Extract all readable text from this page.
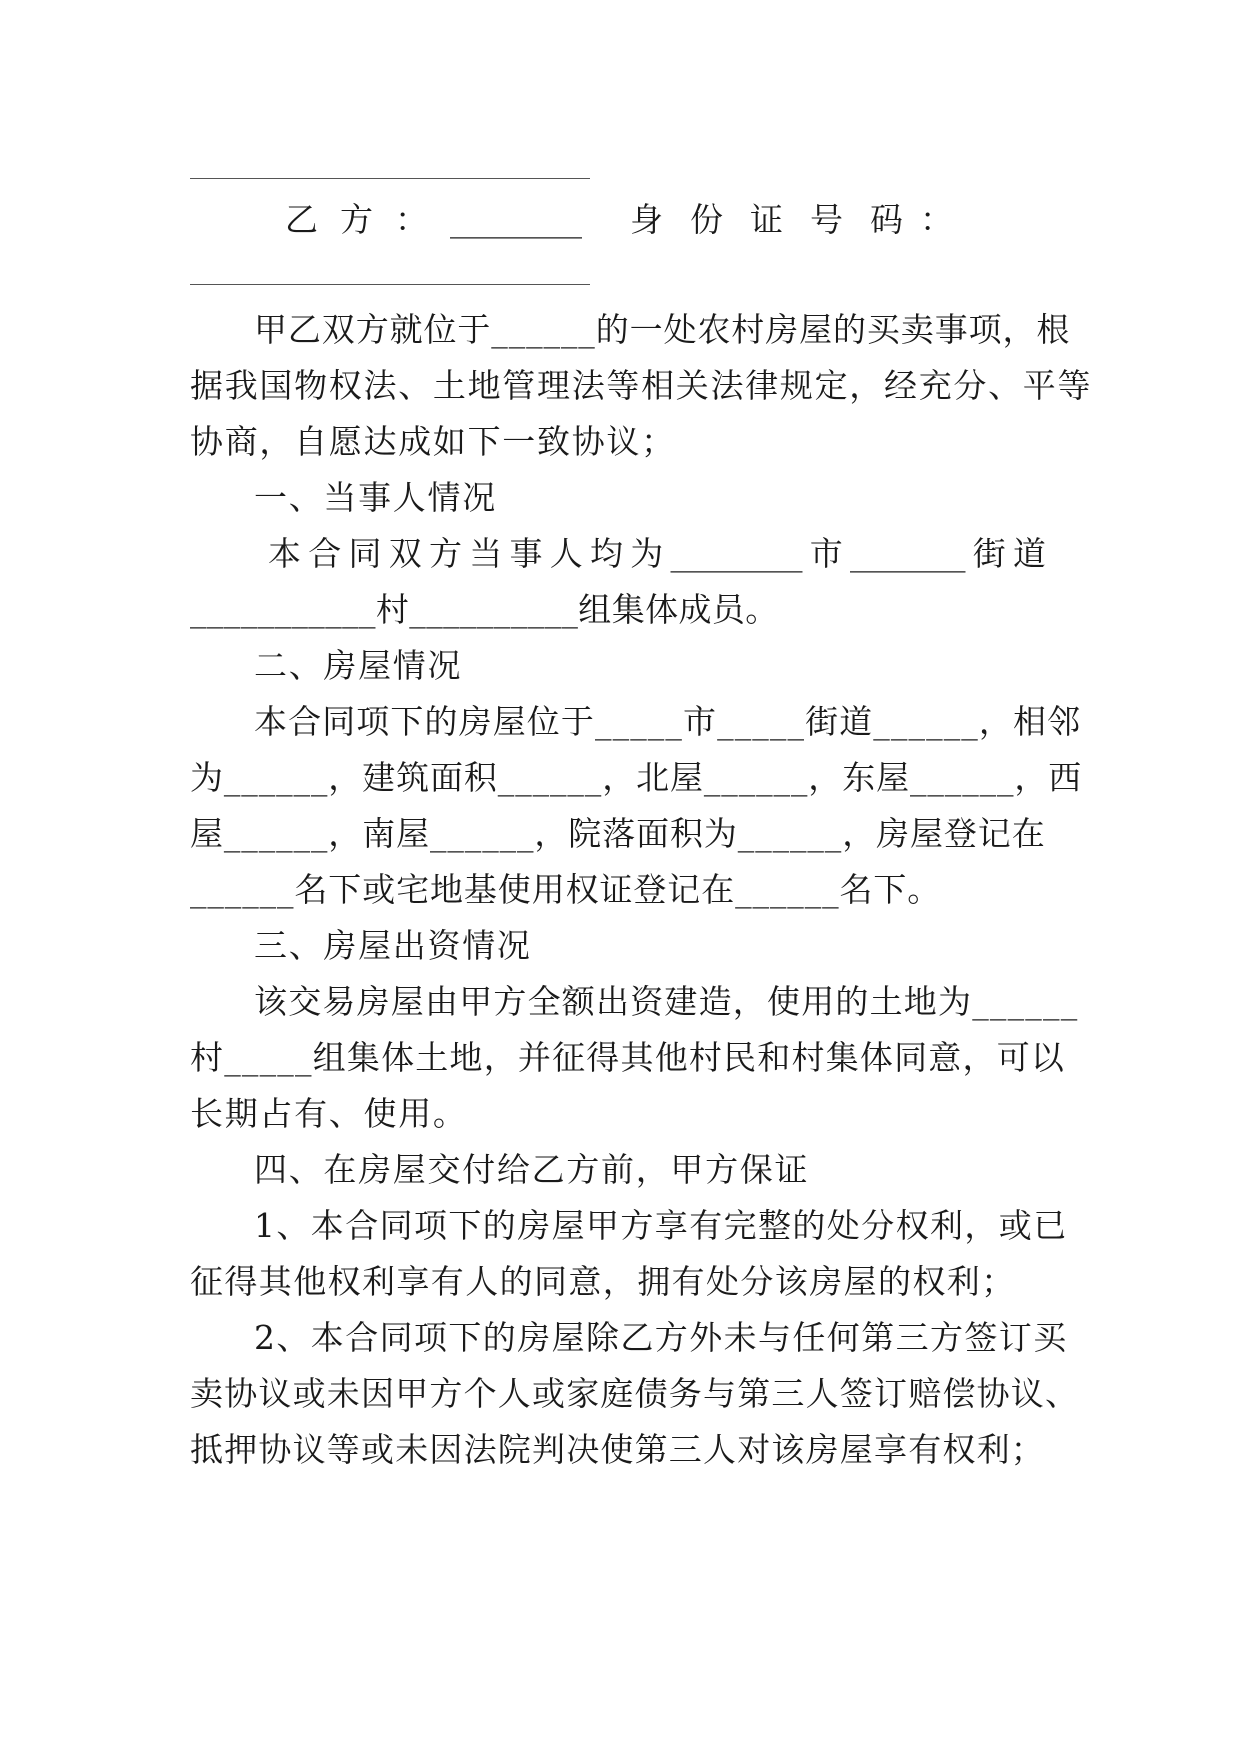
乙 方 ： ________ 身 份 证 号 码 ：
甲乙双方就位于______的一处农村房屋的买卖事项，根
据我国物权法、土地管理法等相关法律规定，经充分、平等
协商，自愿达成如下一致协议；
一、当事人情况
本 合 同 双 方 当 事 人 均 为 ________ 市 _______ 街 道
___________村__________组集体成员。
二、房屋情况
本合同项下的房屋位于_____市_____街道______，相邻
为______，建筑面积______，北屋______，东屋______，西
屋______，南屋______，院落面积为______，房屋登记在
______名下或宅地基使用权证登记在______名下。
三、房屋出资情况
该交易房屋由甲方全额出资建造，使用的土地为______
村_____组集体土地，并征得其他村民和村集体同意，可以
长期占有、使用。
四、在房屋交付给乙方前，甲方保证
1、本合同项下的房屋甲方享有完整的处分权利，或已
征得其他权利享有人的同意，拥有处分该房屋的权利；
2、本合同项下的房屋除乙方外未与任何第三方签订买
卖协议或未因甲方个人或家庭债务与第三人签订赔偿协议、
抵押协议等或未因法院判决使第三人对该房屋享有权利；
